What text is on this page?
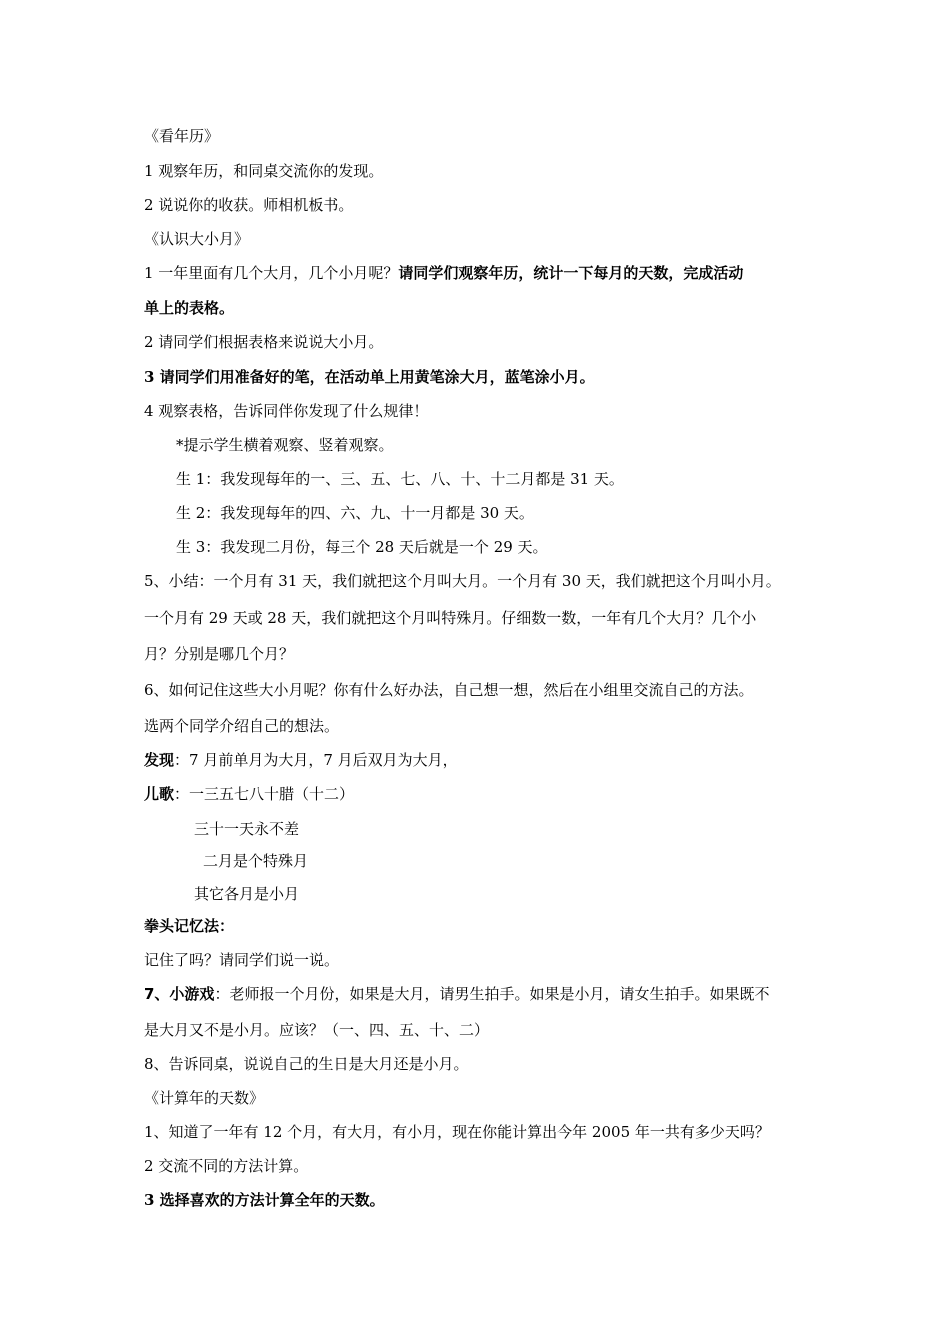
《看年历》
1 观察年历，和同桌交流你的发现。
2 说说你的收获。师相机板书。
《认识大小月》
1 一年里面有几个大月，几个小月呢？请同学们观察年历，统计一下每月的天数，完成活动
单上的表格。
2 请同学们根据表格来说说大小月。
3 请同学们用准备好的笔，在活动单上用黄笔涂大月，蓝笔涂小月。
4 观察表格，告诉同伴你发现了什么规律！
*提示学生横着观察、竖着观察。
生 1：我发现每年的一、三、五、七、八、十、十二月都是 31 天。
生 2：我发现每年的四、六、九、十一月都是 30 天。
生 3：我发现二月份，每三个 28 天后就是一个 29 天。
5、小结：一个月有 31 天，我们就把这个月叫大月。一个月有 30 天，我们就把这个月叫小月。
一个月有 29 天或 28 天，我们就把这个月叫特殊月。仔细数一数，一年有几个大月？几个小
月？分别是哪几个月？
6、如何记住这些大小月呢？你有什么好办法，自己想一想，然后在小组里交流自己的方法。
选两个同学介绍自己的想法。
发现：7 月前单月为大月，7 月后双月为大月，
儿歌：一三五七八十腊（十二）
三十一天永不差
二月是个特殊月
其它各月是小月
拳头记忆法：
记住了吗？请同学们说一说。
7、小游戏：老师报一个月份，如果是大月，请男生拍手。如果是小月，请女生拍手。如果既不
是大月又不是小月。应该？（一、四、五、十、二）
8、告诉同桌，说说自己的生日是大月还是小月。
《计算年的天数》
1、知道了一年有 12 个月，有大月，有小月，现在你能计算出今年 2005 年一共有多少天吗？
2 交流不同的方法计算。
3 选择喜欢的方法计算全年的天数。
